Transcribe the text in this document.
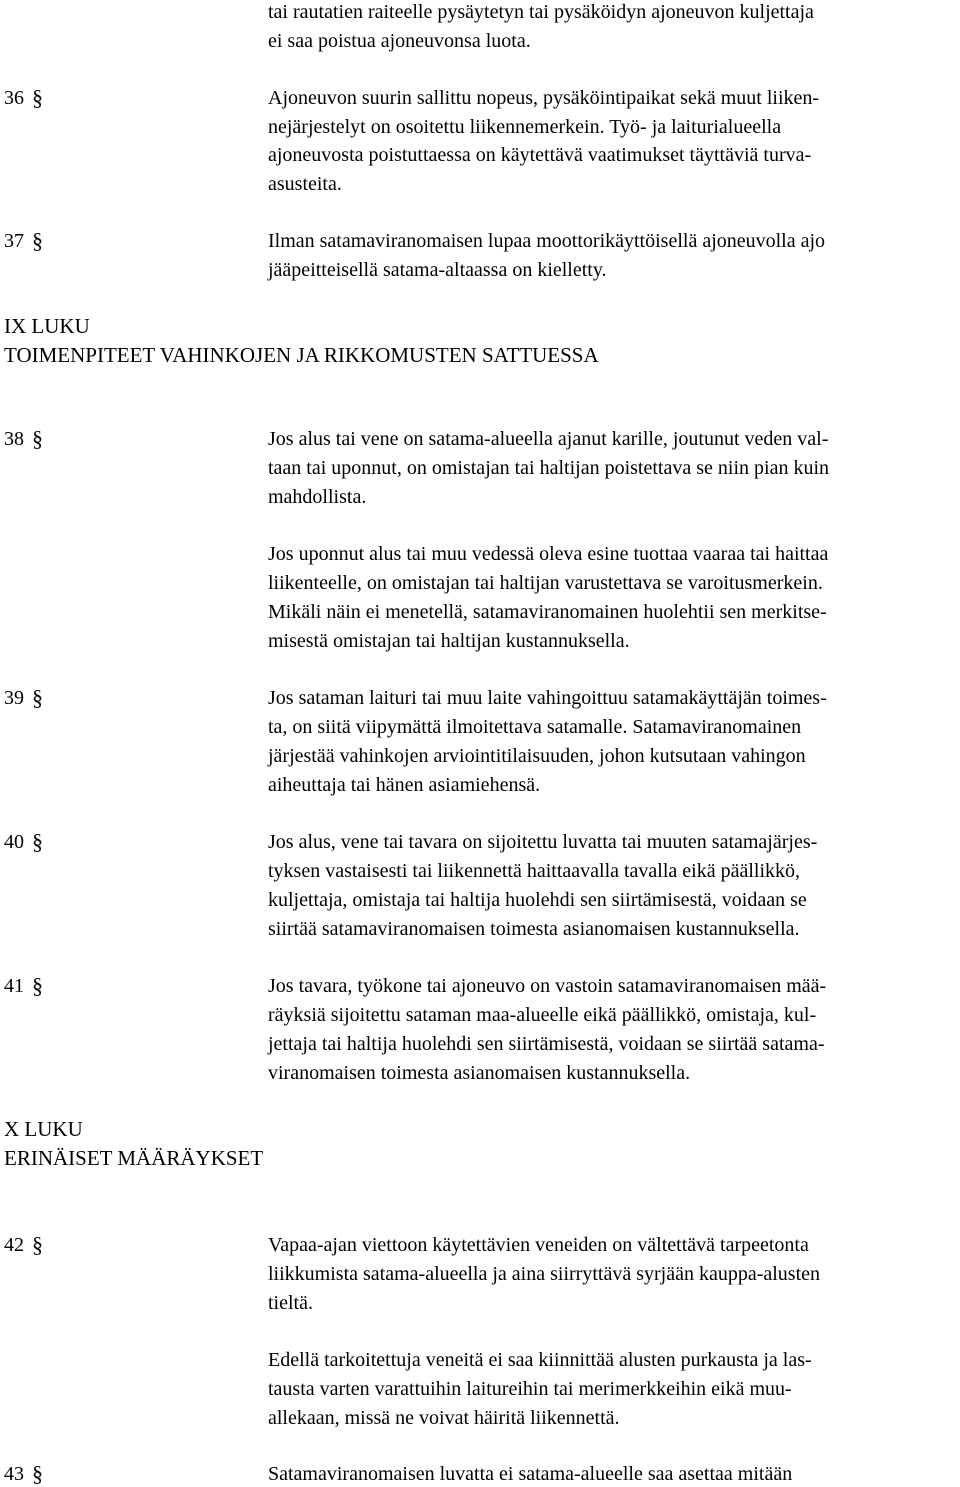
tai rautatien raiteelle pysäytetyn tai pysäköidyn ajoneuvon kuljettaja
ei saa poistua ajoneuvonsa luota.
36 §	Ajoneuvon suurin sallittu nopeus, pysäköintipaikat sekä muut liiken-
nejärjestelyt on osoitettu liikennemerkein. Työ- ja laiturialueella
ajoneuvosta poistuttaessa on käytettävä vaatimukset täyttäviä turva-
asusteita.
37 §	Ilman satamaviranomaisen lupaa moottorikäyttöisellä ajoneuvolla ajo
jääpeitteisellä satama-altaassa on kielletty.
IX LUKU
TOIMENPITEET VAHINKOJEN JA RIKKOMUSTEN SATTUESSA
38 §	Jos alus tai vene on satama-alueella ajanut karille, joutunut veden val-
taan tai uponnut, on omistajan tai haltijan poistettava se niin pian kuin
mahdollista.
Jos uponnut alus tai muu vedessä oleva esine tuottaa vaaraa tai haittaa
liikenteelle, on omistajan tai haltijan varustettava se varoitusmerkein.
Mikäli näin ei menetellä, satamaviranomainen huolehtii sen merkitse-
misestä omistajan tai haltijan kustannuksella.
39 §	Jos sataman laituri tai muu laite vahingoittuu satamakäyttäjän toimes-
ta, on siitä viipymättä ilmoitettava satamalle. Satamaviranomainen
järjestää vahinkojen arviointitilaisuuden, johon kutsutaan vahingon
aiheuttaja tai hänen asiamiehensä.
40 §	Jos alus, vene tai tavara on sijoitettu luvatta tai muuten satamajärjes-
tyksen vastaisesti tai liikennettä haittaavalla tavalla eikä päällikkö,
kuljettaja, omistaja tai haltija huolehdi sen siirtämisestä, voidaan se
siirtää satamaviranomaisen toimesta asianomaisen kustannuksella.
41 §	Jos tavara, työkone tai ajoneuvo on vastoin satamaviranomaisen mää-
räyksiä sijoitettu sataman maa-alueelle eikä päällikkö, omistaja, kul-
jettaja tai haltija huolehdi sen siirtämisestä, voidaan se siirtää satama-
viranomaisen toimesta asianomaisen kustannuksella.
X LUKU
ERINÄISET MÄÄRÄYKSET
42 §	Vapaa-ajan viettoon käytettävien veneiden on vältettävä tarpeetonta
liikkumista satama-alueella ja aina siirryttävä syrjään kauppa-alusten
tieltä.
Edellä tarkoitettuja veneitä ei saa kiinnittää alusten purkausta ja las-
tausta varten varattuihin laitureihin tai merimerkkeihin eikä muu-
allekaan, missä ne voivat häiritä liikennettä.
43 §	Satamaviranomaisen luvatta ei satama-alueelle saa asettaa mitään
